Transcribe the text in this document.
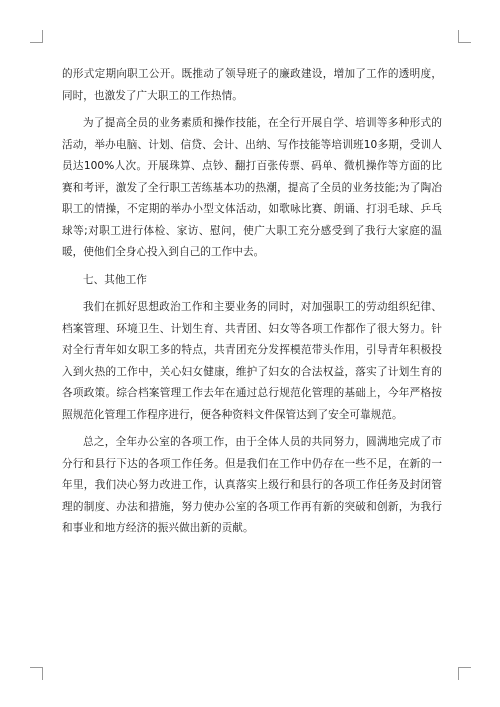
的形式定期向职工公开。既推动了领导班子的廉政建设，增加了工作的透明度，同时，也激发了广大职工的工作热情。

为了提高全员的业务素质和操作技能，在全行开展自学、培训等多种形式的活动，举办电脑、计划、信贷、会计、出纳、写作技能等培训班10多期，受训人员达100%人次。开展珠算、点钞、翻打百张传票、码单、微机操作等方面的比赛和考评，激发了全行职工苦练基本功的热潮，提高了全员的业务技能;为了陶冶职工的情操，不定期的举办小型文体活动，如歌咏比赛、朗诵、打羽毛球、乒乓球等;对职工进行体检、家访、慰问，使广大职工充分感受到了我行大家庭的温暖，使他们全身心投入到自己的工作中去。

七、其他工作

我们在抓好思想政治工作和主要业务的同时，对加强职工的劳动组织纪律、档案管理、环境卫生、计划生育、共青团、妇女等各项工作都作了很大努力。针对全行青年如女职工多的特点，共青团充分发挥模范带头作用，引导青年积极投入到火热的工作中，关心妇女健康，维护了妇女的合法权益，落实了计划生育的各项政策。综合档案管理工作去年在通过总行规范化管理的基础上，今年严格按照规范化管理工作程序进行，便各种资料文件保管达到了安全可靠规范。

总之，全年办公室的各项工作，由于全体人员的共同努力，圆满地完成了市分行和县行下达的各项工作任务。但是我们在工作中仍存在一些不足，在新的一年里，我们决心努力改进工作，认真落实上级行和县行的各项工作任务及封闭管理的制度、办法和措施，努力使办公室的各项工作再有新的突破和创新，为我行和事业和地方经济的振兴做出新的贡献。
